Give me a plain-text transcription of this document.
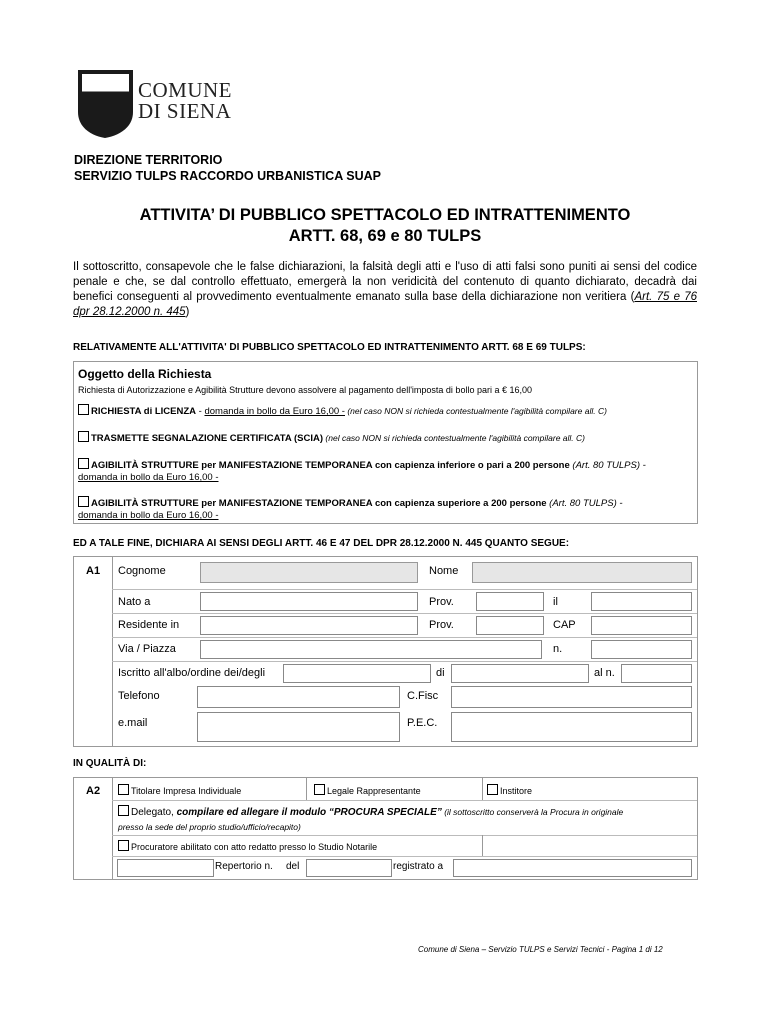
COMUNE
DI SIENA
DIREZIONE TERRITORIO
SERVIZIO TULPS RACCORDO URBANISTICA SUAP
ATTIVITA’ DI PUBBLICO SPETTACOLO ED INTRATTENIMENTO
ARTT. 68, 69 e 80 TULPS
Il sottoscritto, consapevole che le false dichiarazioni, la falsità degli atti e l'uso di atti falsi sono puniti ai sensi del codice penale e che, se dal controllo effettuato, emergerà la non veridicità del contenuto di quanto dichiarato, decadrà dai benefici conseguenti al provvedimento eventualmente emanato sulla base della dichiarazione non veritiera (Art. 75 e 76 dpr 28.12.2000 n. 445)
RELATIVAMENTE ALL'ATTIVITA' DI PUBBLICO SPETTACOLO ED INTRATTENIMENTO ARTT. 68 E 69 TULPS:
Oggetto della Richiesta
Richiesta di Autorizzazione e Agibilità Strutture devono assolvere al pagamento dell'imposta di bollo pari a € 16,00
RICHIESTA di LICENZA - domanda in bollo da Euro 16,00 - (nel caso NON si richieda contestualmente l'agibilità compilare all. C)
TRASMETTE SEGNALAZIONE CERTIFICATA (SCIA) (nel caso NON si richieda contestualmente l'agibilità compilare all. C)
AGIBILITÀ STRUTTURE per MANIFESTAZIONE TEMPORANEA con capienza inferiore o pari a 200 persone (Art. 80 TULPS) -
domanda in bollo da Euro 16,00 -
AGIBILITÀ STRUTTURE per MANIFESTAZIONE TEMPORANEA con capienza superiore a 200 persone (Art. 80 TULPS) -
domanda in bollo da Euro 16,00 -
ED A TALE FINE, DICHIARA AI SENSI DEGLI ARTT. 46 E 47 DEL DPR 28.12.2000 N. 445 QUANTO SEGUE:
A1 Cognome	Nome
Nato a	Prov.	il
Residente in	Prov.	CAP
Via / Piazza	n.
Iscritto all'albo/ordine dei/degli	di	al n.
Telefono	C.Fisc
e.mail	P.E.C.
IN QUALITÀ DI:
A2	Titolare Impresa Individuale	Legale Rappresentante	Institore
Delegato, compilare ed allegare il modulo “PROCURA SPECIALE” (il sottoscritto conserverà la Procura in originale
presso la sede del proprio studio/ufficio/recapito)
Procuratore abilitato con atto redatto presso lo Studio Notarile
Repertorio n. del	registrato a
Comune di Siena – Servizio TULPS e Servizi Tecnici - Pagina 1 di 12
